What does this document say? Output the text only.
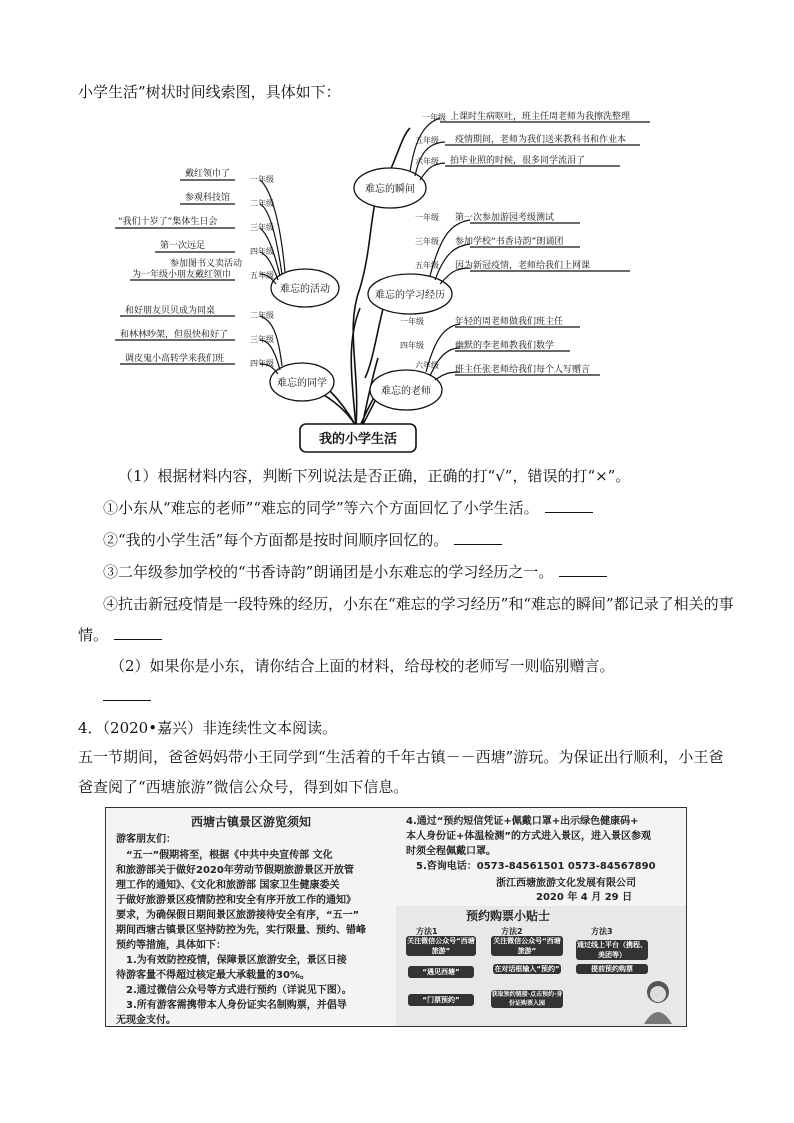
小学生活”树状时间线索图，具体如下：
难忘的瞬间
一年级 上课时生病呕吐，班主任周老师为我擦洗整理
五年级 疫情期间，老师为我们送来教科书和作业本
六年级 拍毕业照的时候，很多同学流泪了
难忘的学习经历
一年级 第一次参加游园考级测试
三年级 参加学校“书香诗韵”朗诵团
五年级 因为新冠疫情，老师给我们上网课
难忘的老师
一年级	年轻的周老师做我们班主任
四年级	幽默的李老师教我们数学
六年级 班主任张老师给我们每个人写赠言
难忘的活动
一年级
戴红领巾了
二年级
参观科技馆
三年级
“我们十岁了”集体生日会
四年级
第一次远足
五年级
参加图书义卖活动
为一年级小朋友戴红领巾
难忘的同学
二年级
和好朋友贝贝成为同桌
三年级
和林林吵架，但很快和好了
四年级
调皮鬼小高转学来我们班
我的小学生活
（1）根据材料内容，判断下列说法是否正确，正确的打“√”，错误的打“×”。
①小东从“难忘的老师”“难忘的同学”等六个方面回忆了小学生活。
②“我的小学生活”每个方面都是按时间顺序回忆的。
③二年级参加学校的“书香诗韵”朗诵团是小东难忘的学习经历之一。
④抗击新冠疫情是一段特殊的经历，小东在“难忘的学习经历”和“难忘的瞬间”都记录了相关的事
情。
（2）如果你是小东，请你结合上面的材料，给母校的老师写一则临别赠言。
4．（2020•嘉兴）非连续性文本阅读。
五一节期间，爸爸妈妈带小王同学到“生活着的千年古镇－－西塘”游玩。为保证出行顺利，小王爸
爸查阅了“西塘旅游”微信公众号，得到如下信息。
西塘古镇景区游览须知
游客朋友们：
“五一”假期将至，根据《中共中央宣传部 文化
和旅游部关于做好2020年劳动节假期旅游景区开放管
理工作的通知》、《文化和旅游部 国家卫生健康委关
于做好旅游景区疫情防控和安全有序开放工作的通知》
要求，为确保假日期间景区旅游接待安全有序，“五一”
期间西塘古镇景区坚持防控为先，实行限量、预约、错峰
预约等措施，具体如下：
1.为有效防控疫情，保障景区旅游安全，景区日接
待游客量不得超过核定最大承载量的30%。
2.通过微信公众号等方式进行预约（详说见下图）。
3.所有游客需携带本人身份证实名制购票，并倡导
无现金支付。
4.通过“预约短信凭证+佩戴口罩+出示绿色健康码+
本人身份证+体温检测”的方式进入景区，进入景区参观
时须全程佩戴口罩。
5.咨询电话：0573-84561501 0573-84567890
浙江西塘旅游文化发展有限公司
2020 年 4 月 29 日
预约购票小贴士
方法1	方法2	方法3
关注微信公众号“西塘旅游”
“遇见西塘”
“门票预约”
关注微信公众号“西塘旅游”
在对话框输入“预约”
获取预约链接·点击预约·身份证购票入园
通过线上平台（携程、美团等）
提前预约购票
